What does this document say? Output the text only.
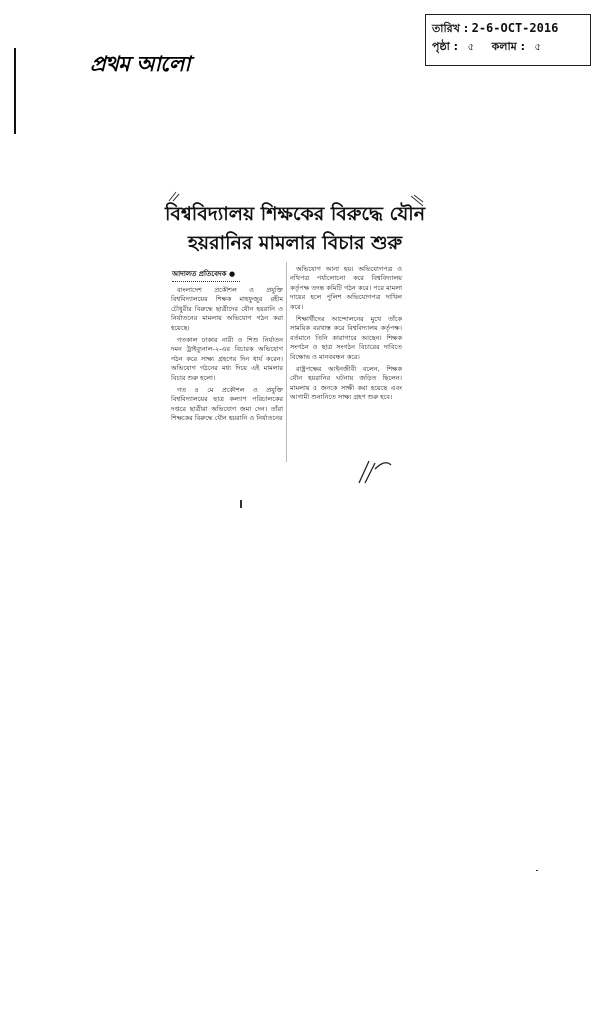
তারিখ : 2-6-OCT-2016
পৃষ্ঠা : ৫ কলাম : ৫
প্রথম আলো
বিশ্ববিদ্যালয় শিক্ষকের বিরুদ্ধে যৌন
হয়রানির মামলার বিচার শুরু
আদালত প্রতিবেদক ●

বাংলাদেশ প্রকৌশল ও প্রযুক্তি বিশ্ববিদ্যালয়ের শিক্ষক মাহফুজুর রহীম চৌধুরীর বিরুদ্ধে ছাত্রীদের যৌন হয়রানি ও নির্যাতনের মামলায় অভিযোগ গঠন করা হয়েছে।

গতকাল ঢাকার নারী ও শিশু নির্যাতন দমন ট্রাইব্যুনাল-২-এর বিচারক অভিযোগ গঠন করে সাক্ষ্য গ্রহণের দিন ধার্য করেন। অভিযোগ গঠনের মধ্য দিয়ে এই মামলার বিচার শুরু হলো।

গত ৪ মে প্রকৌশল ও প্রযুক্তি বিশ্ববিদ্যালয়ের ছাত্র কল্যাণ পরিচালকের দপ্তরে ছাত্রীরা অভিযোগ জমা দেন। তাঁরা শিক্ষকের বিরুদ্ধে যৌন হয়রানি ও নির্যাতনের

অভিযোগ আনা হয়। অভিযোগপত্র ও নথিপত্র পর্যালোচনা করে বিশ্ববিদ্যালয় কর্তৃপক্ষ তদন্ত কমিটি গঠন করে। পরে মামলা দায়ের হলে পুলিশ অভিযোগপত্র দাখিল করে।

শিক্ষার্থীদের আন্দোলনের মুখে তাঁকে সাময়িক বরখাস্ত করে বিশ্ববিদ্যালয় কর্তৃপক্ষ। বর্তমানে তিনি কারাগারে আছেন। শিক্ষক সংগঠন ও ছাত্র সংগঠন বিচারের দাবিতে বিক্ষোভ ও মানববন্ধন করে।

রাষ্ট্রপক্ষের আইনজীবী বলেন, শিক্ষক যৌন হয়রানির ঘটনায় জড়িত ছিলেন। মামলায় ৫ জনকে সাক্ষী করা হয়েছে এবং আগামী শুনানিতে সাক্ষ্য গ্রহণ শুরু হবে।
